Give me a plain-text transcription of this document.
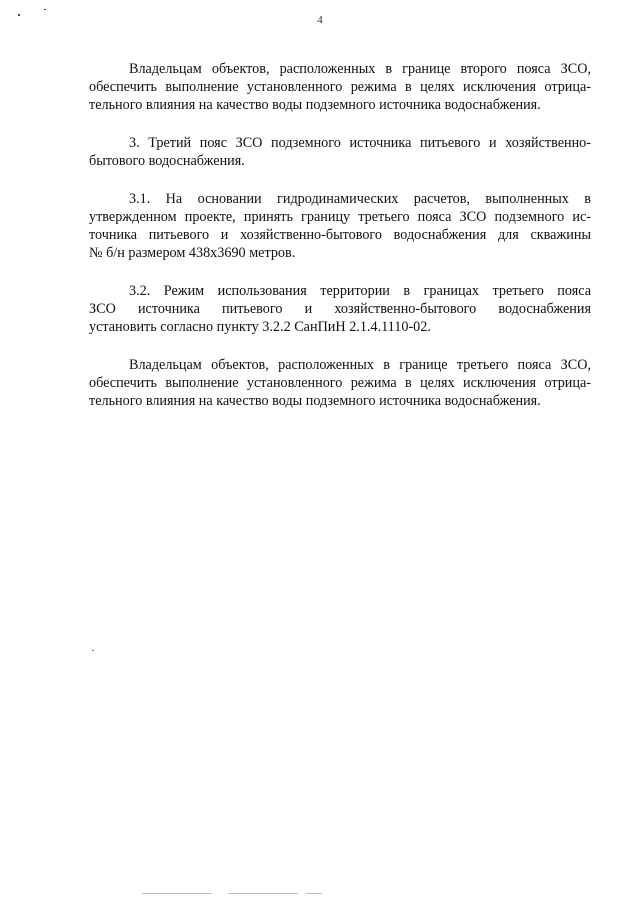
4
Владельцам объектов, расположенных в границе второго пояса ЗСО,
обеспечить выполнение установленного режима в целях исключения отрица-
тельного влияния на качество воды подземного источника водоснабжения.
3. Третий пояс ЗСО подземного источника питьевого и хозяйственно-
бытового водоснабжения.
3.1. На основании гидродинамических расчетов, выполненных в
утвержденном проекте, принять границу третьего пояса ЗСО подземного ис-
точника питьевого и хозяйственно-бытового водоснабжения для скважины
№ б/н размером 438х3690 метров.
3.2. Режим использования территории в границах третьего пояса
ЗСО источника питьевого и хозяйственно-бытового водоснабжения
установить согласно пункту 3.2.2 СанПиН 2.1.4.1110-02.
Владельцам объектов, расположенных в границе третьего пояса ЗСО,
обеспечить выполнение установленного режима в целях исключения отрица-
тельного влияния на качество воды подземного источника водоснабжения.
